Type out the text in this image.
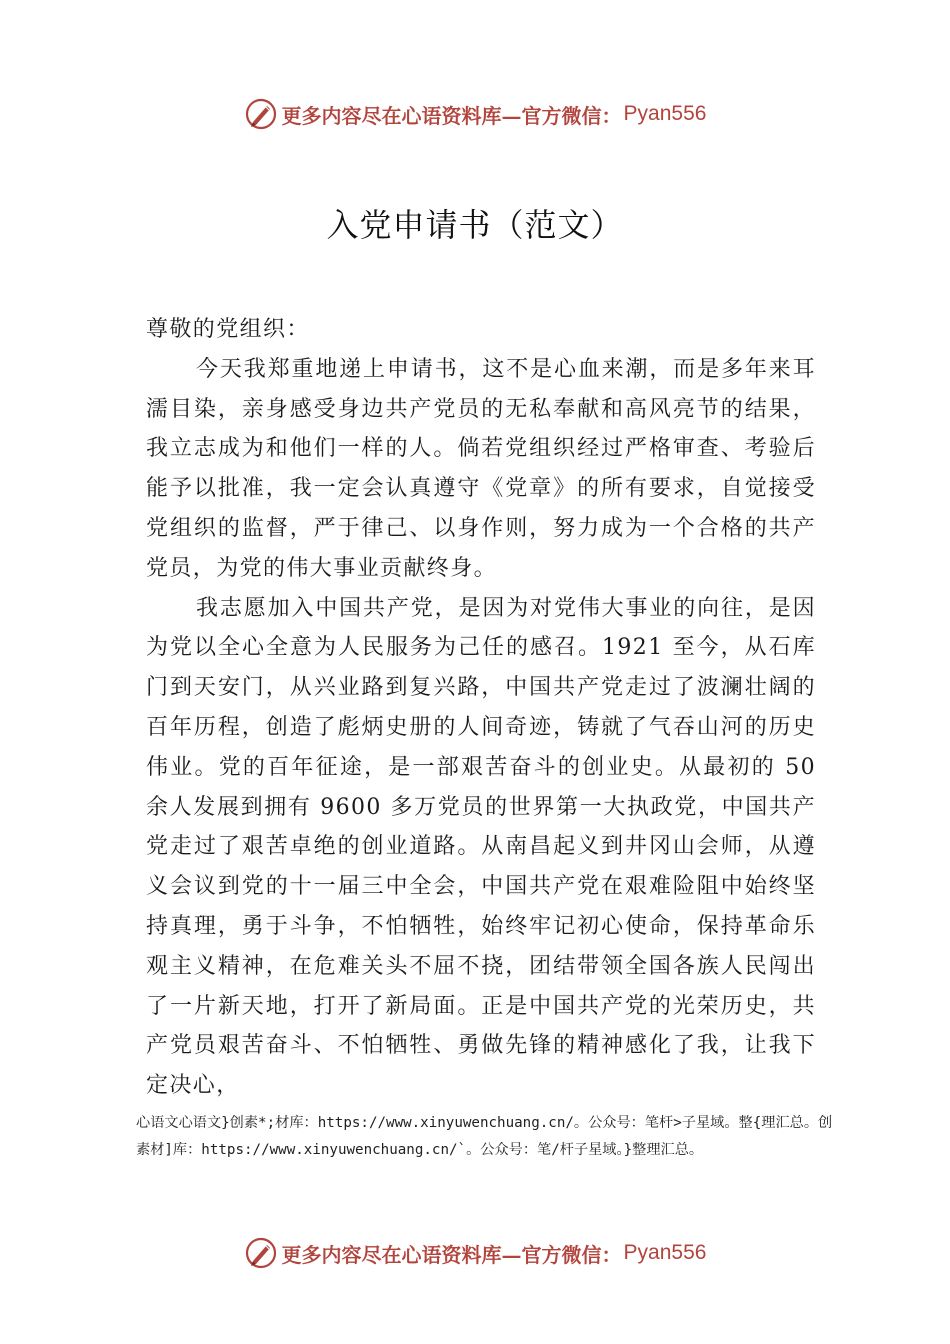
更多内容尽在心语资料库—官方微信： Pyan556
入党申请书（范文）

尊敬的党组织：

今天我郑重地递上申请书，这不是心血来潮，而是多年来耳濡目染，亲身感受身边共产党员的无私奉献和高风亮节的结果，我立志成为和他们一样的人。倘若党组织经过严格审查、考验后能予以批准，我一定会认真遵守《党章》的所有要求，自觉接受党组织的监督，严于律己、以身作则，努力成为一个合格的共产党员，为党的伟大事业贡献终身。

我志愿加入中国共产党，是因为对党伟大事业的向往，是因为党以全心全意为人民服务为己任的感召。1921 至今，从石库门到天安门，从兴业路到复兴路，中国共产党走过了波澜壮阔的百年历程，创造了彪炳史册的人间奇迹，铸就了气吞山河的历史伟业。党的百年征途，是一部艰苦奋斗的创业史。从最初的 50 余人发展到拥有 9600 多万党员的世界第一大执政党，中国共产党走过了艰苦卓绝的创业道路。从南昌起义到井冈山会师，从遵义会议到党的十一届三中全会，中国共产党在艰难险阻中始终坚持真理，勇于斗争，不怕牺牲，始终牢记初心使命，保持革命乐观主义精神，在危难关头不屈不挠，团结带领全国各族人民闯出了一片新天地，打开了新局面。正是中国共产党的光荣历史，共产党员艰苦奋斗、不怕牺牲、勇做先锋的精神感化了我，让我下定决心，

心语文心语文}创素*;材库：https://www.xinyuwenchuang.cn/。公众号：笔杆>子星域。整{理汇总。创素材]库：https://www.xinyuwenchuang.cn/`。公众号：笔/杆子星域。}整理汇总。
更多内容尽在心语资料库—官方微信： Pyan556
